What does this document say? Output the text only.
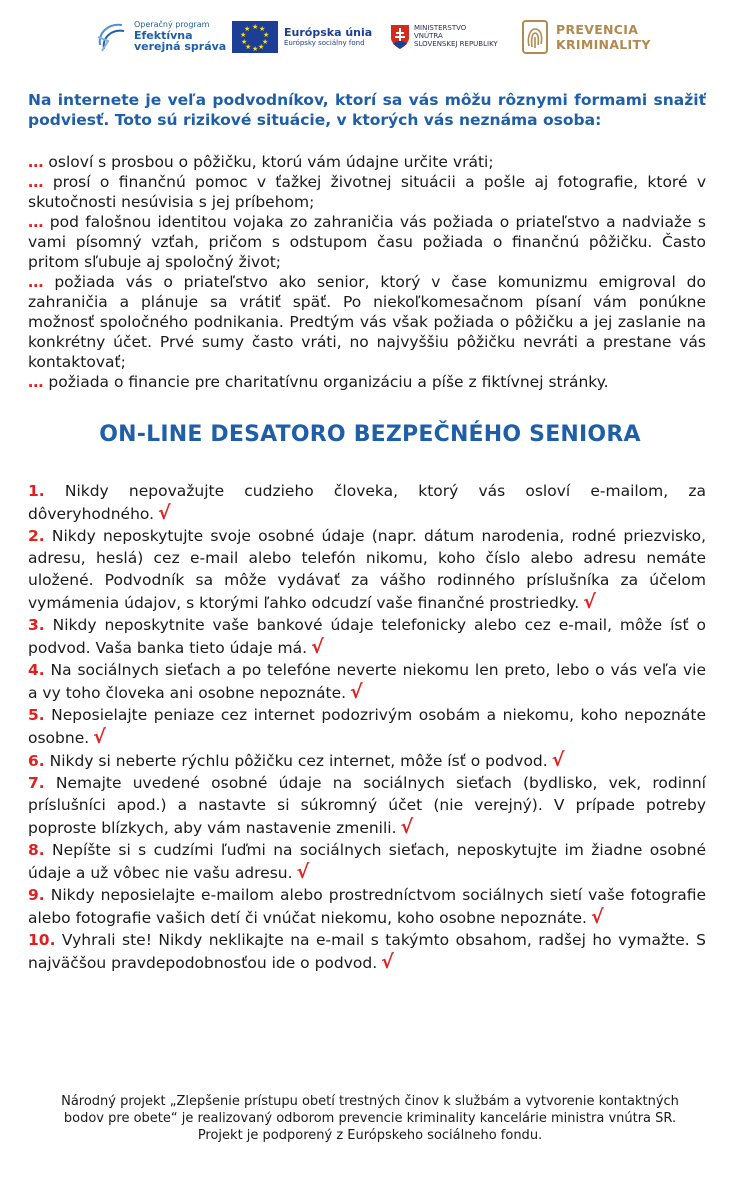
Operačný program
Efektívna
verejná správa
★ ★
★
★
★
★
★
★
★
★	Európska únia
Európsky sociálny fond
MINISTERSTVO
VNÚTRA
SLOVENSKEJ REPUBLIKY
PREVENCIA
KRIMINALITY
Na internete je veľa podvodníkov, ktorí sa vás môžu rôznymi formami snažiť podviesť. Toto sú rizikové situácie, v ktorých vás neznáma osoba:
… osloví s prosbou o pôžičku, ktorú vám údajne určite vráti;
… prosí o finančnú pomoc v ťažkej životnej situácii a pošle aj fotografie, ktoré v skutočnosti nesúvisia s jej príbehom;
… pod falošnou identitou vojaka zo zahraničia vás požiada o priateľstvo a nadviaže s vami písomný vzťah, pričom s odstupom času požiada o finančnú pôžičku. Často pritom sľubuje aj spoločný život;
… požiada vás o priateľstvo ako senior, ktorý v čase komunizmu emigroval do zahraničia a plánuje sa vrátiť späť. Po niekoľkomesačnom písaní vám ponúkne možnosť spoločného podnikania. Predtým vás však požiada o pôžičku a jej zaslanie na konkrétny účet. Prvé sumy často vráti, no najvyššiu pôžičku nevráti a prestane vás kontaktovať;
… požiada o financie pre charitatívnu organizáciu a píše z fiktívnej stránky.
ON-LINE DESATORO BEZPEČNÉHO SENIORA
1. Nikdy nepovažujte cudzieho človeka, ktorý vás osloví e-mailom, za dôveryhodného. √
2. Nikdy neposkytujte svoje osobné údaje (napr. dátum narodenia, rodné priezvisko, adresu, heslá) cez e-mail alebo telefón nikomu, koho číslo alebo adresu nemáte uložené. Podvodník sa môže vydávať za vášho rodinného príslušníka za účelom vymámenia údajov, s ktorými ľahko odcudzí vaše finančné prostriedky. √
3. Nikdy neposkytnite vaše bankové údaje telefonicky alebo cez e-mail, môže ísť o podvod. Vaša banka tieto údaje má. √
4. Na sociálnych sieťach a po telefóne neverte niekomu len preto, lebo o vás veľa vie a vy toho človeka ani osobne nepoznáte. √
5. Neposielajte peniaze cez internet podozrivým osobám a niekomu, koho nepoznáte osobne. √
6. Nikdy si neberte rýchlu pôžičku cez internet, môže ísť o podvod. √
7. Nemajte uvedené osobné údaje na sociálnych sieťach (bydlisko, vek, rodinní príslušníci apod.) a nastavte si súkromný účet (nie verejný). V prípade potreby poproste blízkych, aby vám nastavenie zmenili. √
8. Nepíšte si s cudzími ľuďmi na sociálnych sieťach, neposkytujte im žiadne osobné údaje a už vôbec nie vašu adresu. √
9. Nikdy neposielajte e-mailom alebo prostredníctvom sociálnych sietí vaše fotografie alebo fotografie vašich detí či vnúčat niekomu, koho osobne nepoznáte. √
10. Vyhrali ste! Nikdy neklikajte na e-mail s takýmto obsahom, radšej ho vymažte. S najväčšou pravdepodobnosťou ide o podvod. √
Národný projekt „Zlepšenie prístupu obetí trestných činov k službám a vytvorenie kontaktných bodov pre obete“ je realizovaný odborom prevencie kriminality kancelárie ministra vnútra SR. Projekt je podporený z Európskeho sociálneho fondu.
